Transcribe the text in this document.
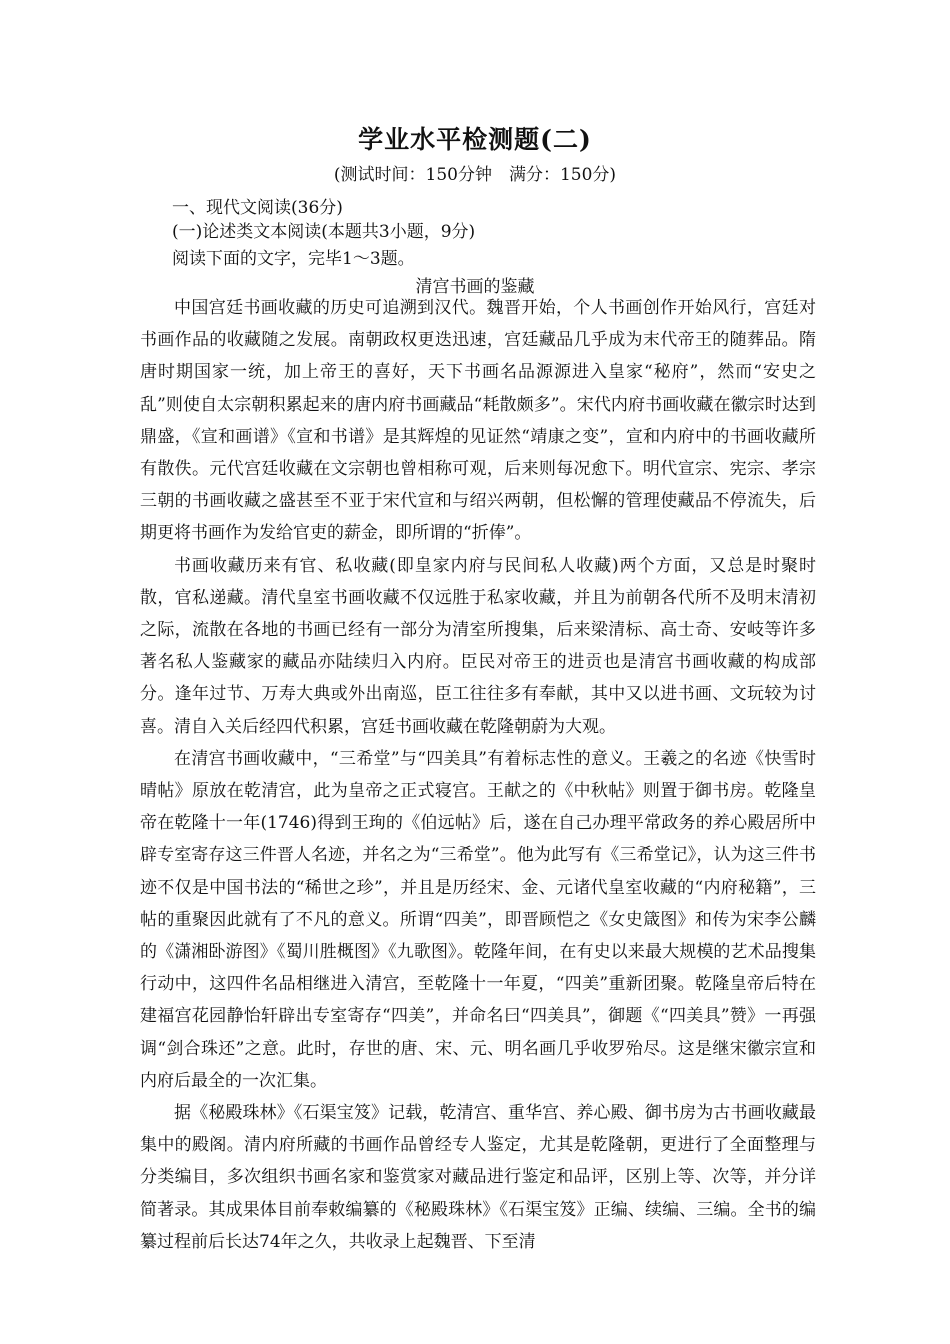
学业水平检测题(二)
(测试时间：150分钟　满分：150分)
一、现代文阅读(36分)
(一)论述类文本阅读(本题共3小题，9分)
阅读下面的文字，完毕1～3题。
清宫书画的鉴藏

中国宫廷书画收藏的历史可追溯到汉代。魏晋开始，个人书画创作开始风行，宫廷对书画作品的收藏随之发展。南朝政权更迭迅速，宫廷藏品几乎成为末代帝王的随葬品。隋唐时期国家一统，加上帝王的喜好，天下书画名品源源进入皇家“秘府”，然而“安史之乱”则使自太宗朝积累起来的唐内府书画藏品“耗散颇多”。宋代内府书画收藏在徽宗时达到鼎盛，《宣和画谱》《宣和书谱》是其辉煌的见证然“靖康之变”，宣和内府中的书画收藏所有散佚。元代宫廷收藏在文宗朝也曾相称可观，后来则每况愈下。明代宣宗、宪宗、孝宗三朝的书画收藏之盛甚至不亚于宋代宣和与绍兴两朝，但松懈的管理使藏品不停流失，后期更将书画作为发给官吏的薪金，即所谓的“折俸”。

书画收藏历来有官、私收藏(即皇家内府与民间私人收藏)两个方面，又总是时聚时散，官私递藏。清代皇室书画收藏不仅远胜于私家收藏，并且为前朝各代所不及明末清初之际，流散在各地的书画已经有一部分为清室所搜集，后来梁清标、高士奇、安岐等许多著名私人鉴藏家的藏品亦陆续归入内府。臣民对帝王的进贡也是清宫书画收藏的构成部分。逢年过节、万寿大典或外出南巡，臣工往往多有奉献，其中又以进书画、文玩较为讨喜。清自入关后经四代积累，宫廷书画收藏在乾隆朝蔚为大观。

在清宫书画收藏中，“三希堂”与“四美具”有着标志性的意义。王羲之的名迹《快雪时晴帖》原放在乾清宫，此为皇帝之正式寝宫。王献之的《中秋帖》则置于御书房。乾隆皇帝在乾隆十一年(1746)得到王珣的《伯远帖》后，遂在自己办理平常政务的养心殿居所中辟专室寄存这三件晋人名迹，并名之为“三希堂”。他为此写有《三希堂记》，认为这三件书迹不仅是中国书法的“稀世之珍”，并且是历经宋、金、元诸代皇室收藏的“内府秘籍”，三帖的重聚因此就有了不凡的意义。所谓“四美”，即晋顾恺之《女史箴图》和传为宋李公麟的《潇湘卧游图》《蜀川胜概图》《九歌图》。乾隆年间，在有史以来最大规模的艺术品搜集行动中，这四件名品相继进入清宫，至乾隆十一年夏，“四美”重新团聚。乾隆皇帝后特在建福宫花园静怡轩辟出专室寄存“四美”，并命名曰“四美具”，御题《“四美具”赞》一再强调“剑合珠还”之意。此时，存世的唐、宋、元、明名画几乎收罗殆尽。这是继宋徽宗宣和内府后最全的一次汇集。

据《秘殿珠林》《石渠宝笈》记载，乾清宫、重华宫、养心殿、御书房为古书画收藏最集中的殿阁。清内府所藏的书画作品曾经专人鉴定，尤其是乾隆朝，更进行了全面整理与分类编目，多次组织书画名家和鉴赏家对藏品进行鉴定和品评，区别上等、次等，并分详简著录。其成果体目前奉敕编纂的《秘殿珠林》《石渠宝笈》正编、续编、三编。全书的编纂过程前后长达74年之久，共收录上起魏晋、下至清
